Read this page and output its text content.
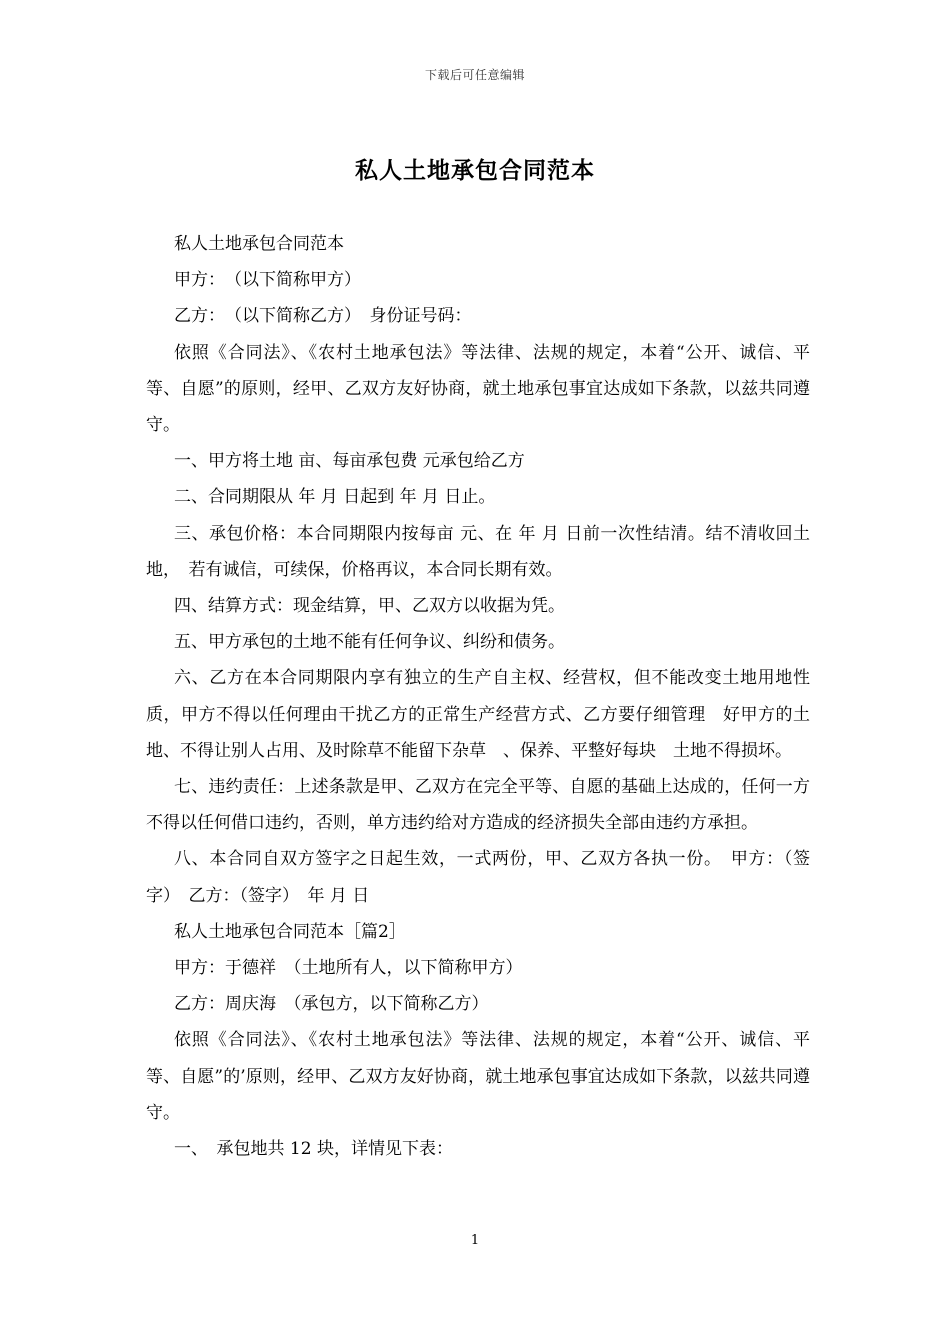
下载后可任意编辑
私人土地承包合同范本

私人土地承包合同范本

甲方：　（以下简称甲方）

乙方：　（以下简称乙方）　身份证号码：

依照《合同法》、《农村土地承包法》等法律、法规的规定，本着“公开、诚信、平等、自愿”的原则，经甲、乙双方友好协商，就土地承包事宜达成如下条款，以兹共同遵守。

一、甲方将土地 亩、每亩承包费 元承包给乙方

二、合同期限从 年 月 日起到 年 月 日止。

三、承包价格：本合同期限内按每亩 元、在 年 月 日前一次性结清。结不清收回土地，　若有诚信，可续保，价格再议，本合同长期有效。

四、结算方式：现金结算，甲、乙双方以收据为凭。

五、甲方承包的土地不能有任何争议、纠纷和债务。

六、乙方在本合同期限内享有独立的生产自主权、经营权，但不能改变土地用地性质，甲方不得以任何理由干扰乙方的正常生产经营方式、乙方要仔细管理　好甲方的土地、不得让别人占用、及时除草不能留下杂草　、保养、平整好每块　土地不得损坏。

七、违约责任：上述条款是甲、乙双方在完全平等、自愿的基础上达成的，任何一方不得以任何借口违约，否则，单方违约给对方造成的经济损失全部由违约方承担。

八、本合同自双方签字之日起生效，一式两份，甲、乙双方各执一份。　甲方：（签字）　乙方：（签字）　年 月 日

私人土地承包合同范本［篇2］

甲方：于德祥　（土地所有人，以下简称甲方）

乙方：周庆海　（承包方，以下简称乙方）

依照《合同法》、《农村土地承包法》等法律、法规的规定，本着“公开、诚信、平等、自愿”的’原则，经甲、乙双方友好协商，就土地承包事宜达成如下条款，以兹共同遵守。

一、　承包地共 12 块，详情见下表：

1
